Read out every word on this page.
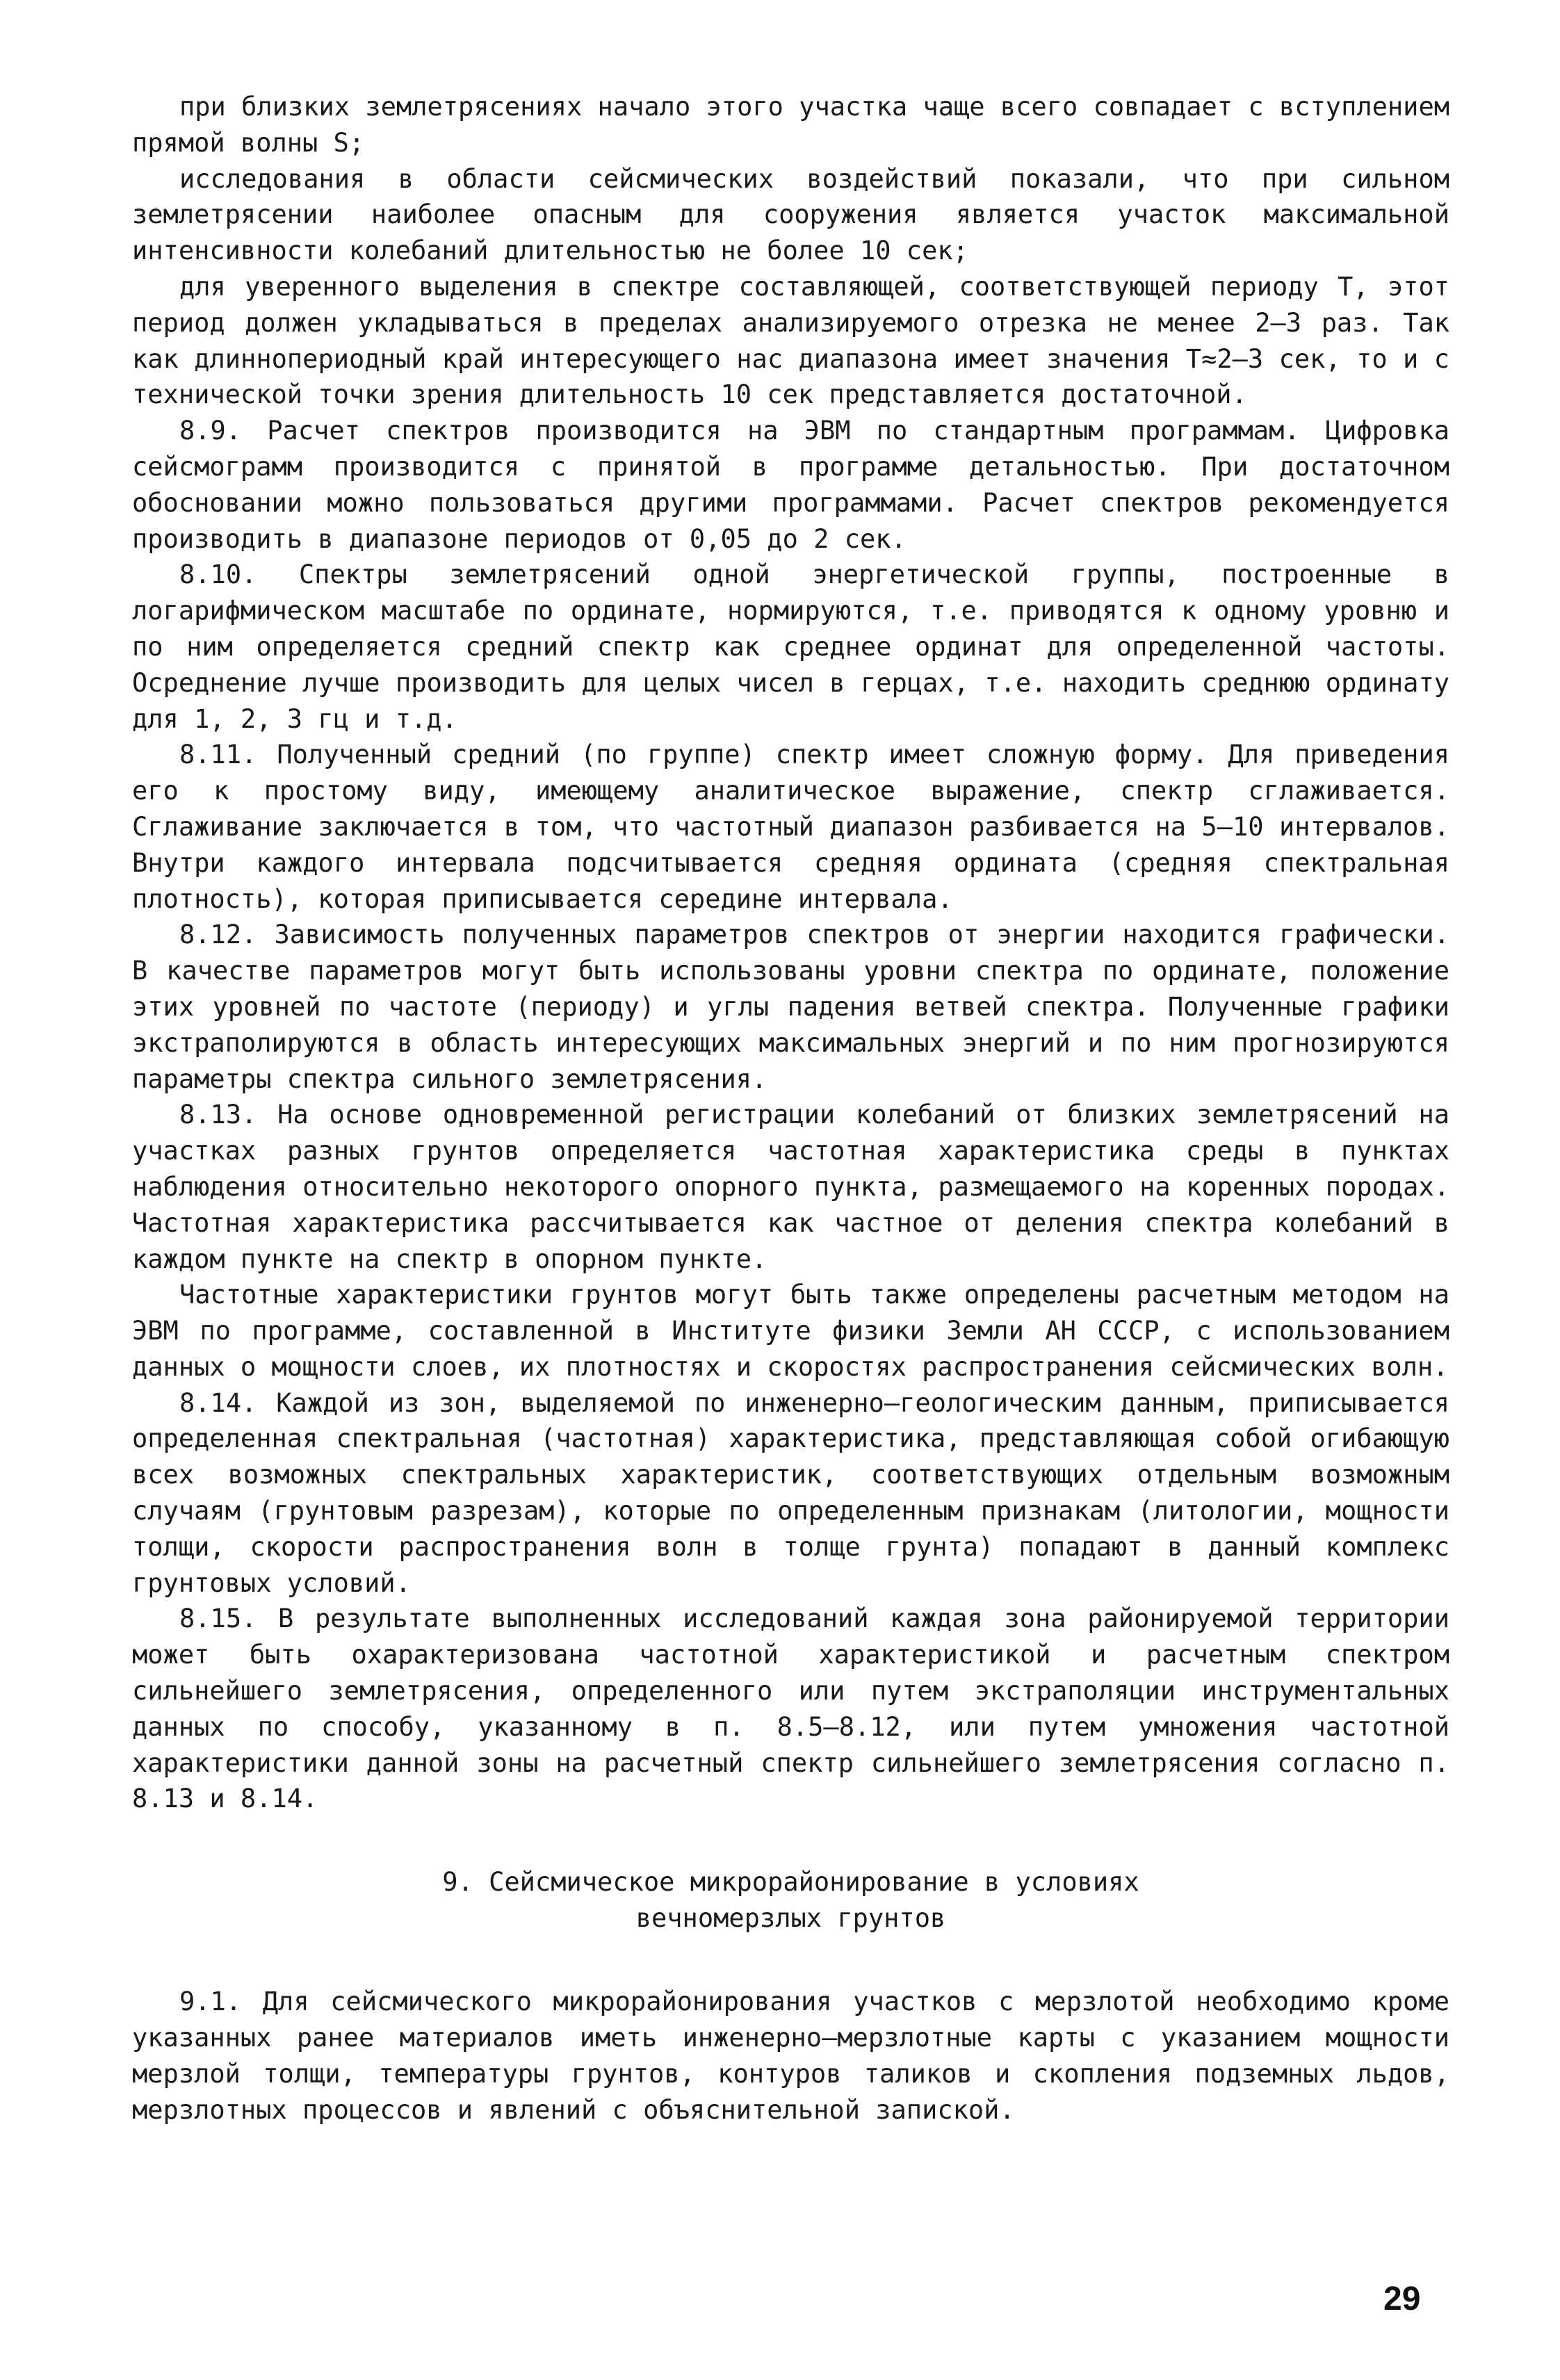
при близких землетрясениях начало этого участка чаще всего совпадает с вступлением прямой волны S;

исследования в области сейсмических воздействий показали, что при сильном землетрясении наиболее опасным для сооружения является участок максимальной интенсивности колебаний длительностью не более 10 сек;

для уверенного выделения в спектре составляющей, соответствующей периоду Т, этот период должен укладываться в пределах анализируемого отрезка не менее 2–3 раз. Так как длиннопериодный край интересующего нас диапазона имеет значения Т≈2–3 сек, то и с технической точки зрения длительность 10 сек представляется достаточной.

8.9. Расчет спектров производится на ЭВМ по стандартным программам. Цифровка сейсмограмм производится с принятой в программе детальностью. При достаточном обосновании можно пользоваться другими программами. Расчет спектров рекомендуется производить в диапазоне периодов от 0,05 до 2 сек.

8.10. Спектры землетрясений одной энергетической группы, построенные в логарифмическом масштабе по ординате, нормируются, т.е. приводятся к одному уровню и по ним определяется средний спектр как среднее ординат для определенной частоты. Осреднение лучше производить для целых чисел в герцах, т.е. находить среднюю ординату для 1, 2, 3 гц и т.д.

8.11. Полученный средний (по группе) спектр имеет сложную форму. Для приведения его к простому виду, имеющему аналитическое выражение, спектр сглаживается. Сглаживание заключается в том, что частотный диапазон разбивается на 5–10 интервалов. Внутри каждого интервала подсчитывается средняя ордината (средняя спектральная плотность), которая приписывается середине интервала.

8.12. Зависимость полученных параметров спектров от энергии находится графически. В качестве параметров могут быть использованы уровни спектра по ординате, положение этих уровней по частоте (периоду) и углы падения ветвей спектра. Полученные графики экстраполируются в область интересующих максимальных энергий и по ним прогнозируются параметры спектра сильного землетрясения.

8.13. На основе одновременной регистрации колебаний от близких землетрясений на участках разных грунтов определяется частотная характеристика среды в пунктах наблюдения относительно некоторого опорного пункта, размещаемого на коренных породах. Частотная характеристика рассчитывается как частное от деления спектра колебаний в каждом пункте на спектр в опорном пункте.

Частотные характеристики грунтов могут быть также определены расчетным методом на ЭВМ по программе, составленной в Институте физики Земли АН СССР, с использованием данных о мощности слоев, их плотностях и скоростях распространения сейсмических волн.

8.14. Каждой из зон, выделяемой по инженерно–геологическим данным, приписывается определенная спектральная (частотная) характеристика, представляющая собой огибающую всех возможных спектральных характеристик, соответствующих отдельным возможным случаям (грунтовым разрезам), которые по определенным признакам (литологии, мощности толщи, скорости распространения волн в толще грунта) попадают в данный комплекс грунтовых условий.

8.15. В результате выполненных исследований каждая зона районируемой территории может быть охарактеризована частотной характеристикой и расчетным спектром сильнейшего землетрясения, определенного или путем экстраполяции инструментальных данных по способу, указанному в п. 8.5–8.12, или путем умножения частотной характеристики данной зоны на расчетный спектр сильнейшего землетрясения согласно п. 8.13 и 8.14.

9. Сейсмическое микрорайонирование в условиях

вечномерзлых грунтов

9.1. Для сейсмического микрорайонирования участков с мерзлотой необходимо кроме указанных ранее материалов иметь инженерно–мерзлотные карты с указанием мощности мерзлой толщи, температуры грунтов, контуров таликов и скопления подземных льдов, мерзлотных процессов и явлений с объяснительной запиской.

29
